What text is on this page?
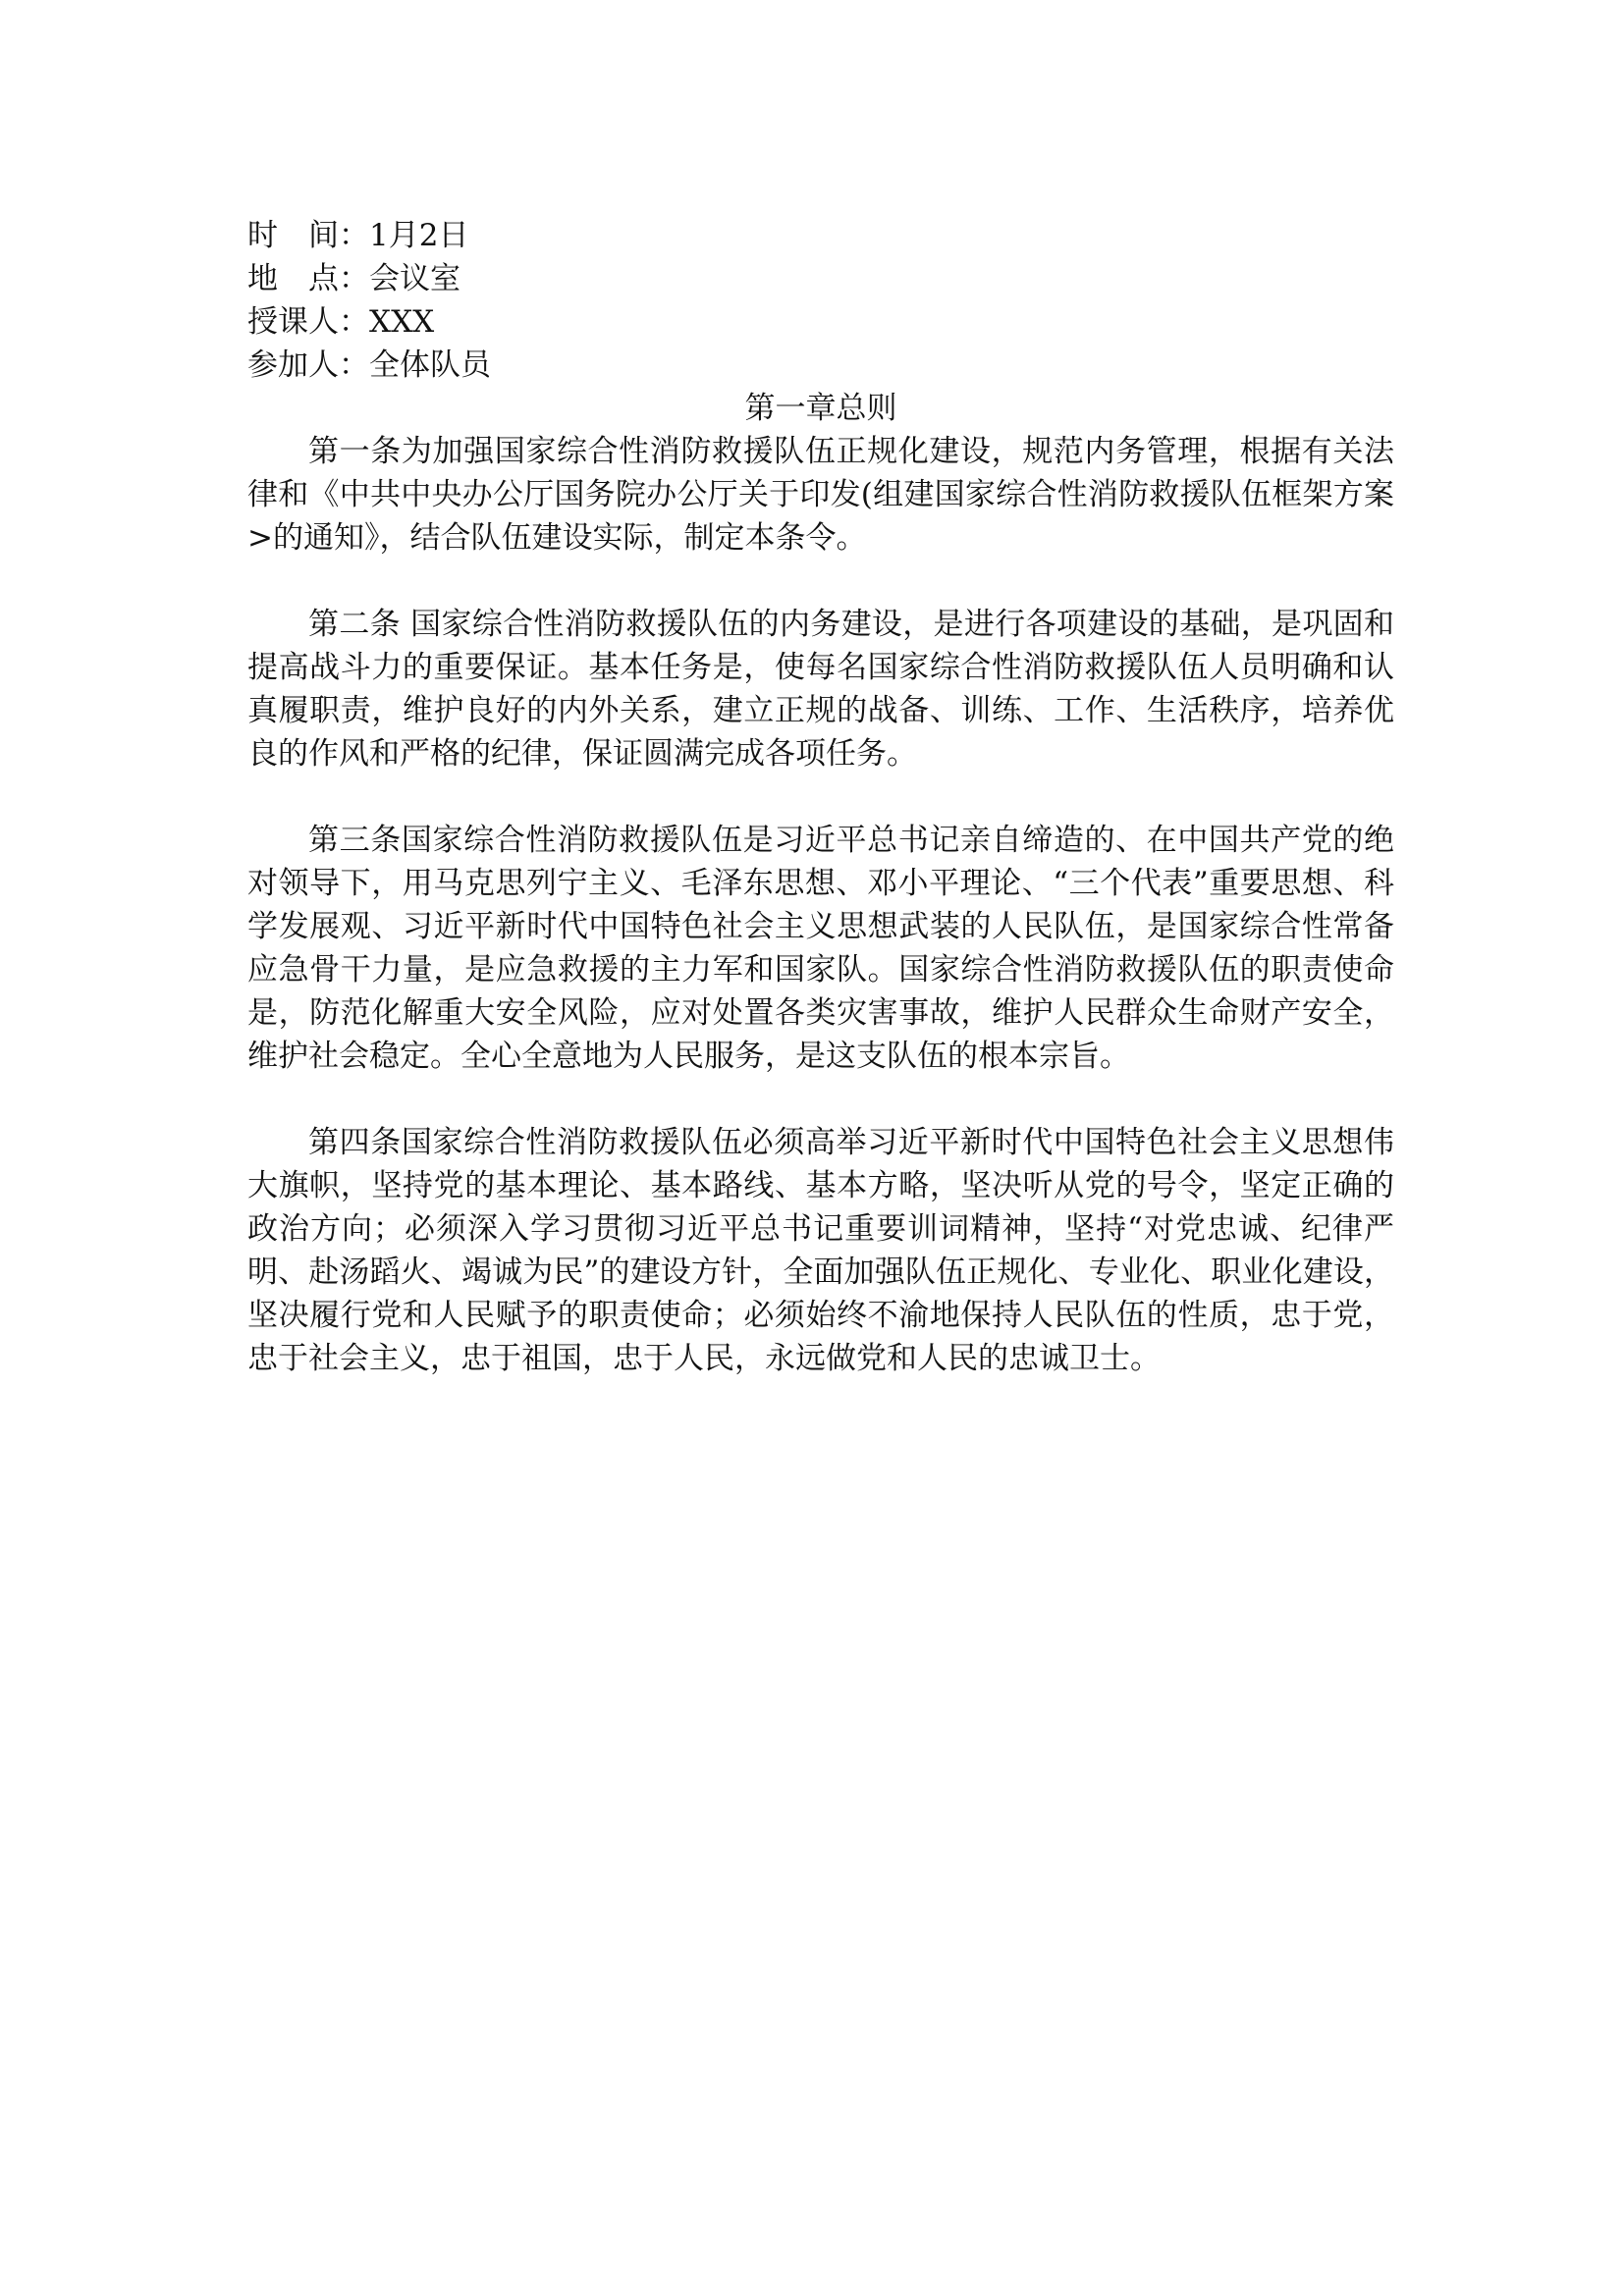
时　间：1月2日
地　点：会议室
授课人：XXX
参加人：全体队员
第一章总则

第一条为加强国家综合性消防救援队伍正规化建设，规范内务管理，根据有关法律和《中共中央办公厅国务院办公厅关于印发(组建国家综合性消防救援队伍框架方案>的通知》，结合队伍建设实际，制定本条令。

第二条 国家综合性消防救援队伍的内务建设，是进行各项建设的基础，是巩固和提高战斗力的重要保证。基本任务是，使每名国家综合性消防救援队伍人员明确和认真履职责，维护良好的内外关系，建立正规的战备、训练、工作、生活秩序，培养优良的作风和严格的纪律，保证圆满完成各项任务。

第三条国家综合性消防救援队伍是习近平总书记亲自缔造的、在中国共产党的绝对领导下，用马克思列宁主义、毛泽东思想、邓小平理论、“三个代表”重要思想、科学发展观、习近平新时代中国特色社会主义思想武装的人民队伍，是国家综合性常备应急骨干力量，是应急救援的主力军和国家队。国家综合性消防救援队伍的职责使命是，防范化解重大安全风险，应对处置各类灾害事故，维护人民群众生命财产安全，维护社会稳定。全心全意地为人民服务，是这支队伍的根本宗旨。

第四条国家综合性消防救援队伍必须高举习近平新时代中国特色社会主义思想伟大旗帜，坚持党的基本理论、基本路线、基本方略，坚决听从党的号令，坚定正确的政治方向；必须深入学习贯彻习近平总书记重要训词精神，坚持“对党忠诚、纪律严明、赴汤蹈火、竭诚为民”的建设方针，全面加强队伍正规化、专业化、职业化建设，坚决履行党和人民赋予的职责使命；必须始终不渝地保持人民队伍的性质，忠于党，忠于社会主义，忠于祖国，忠于人民，永远做党和人民的忠诚卫士。
